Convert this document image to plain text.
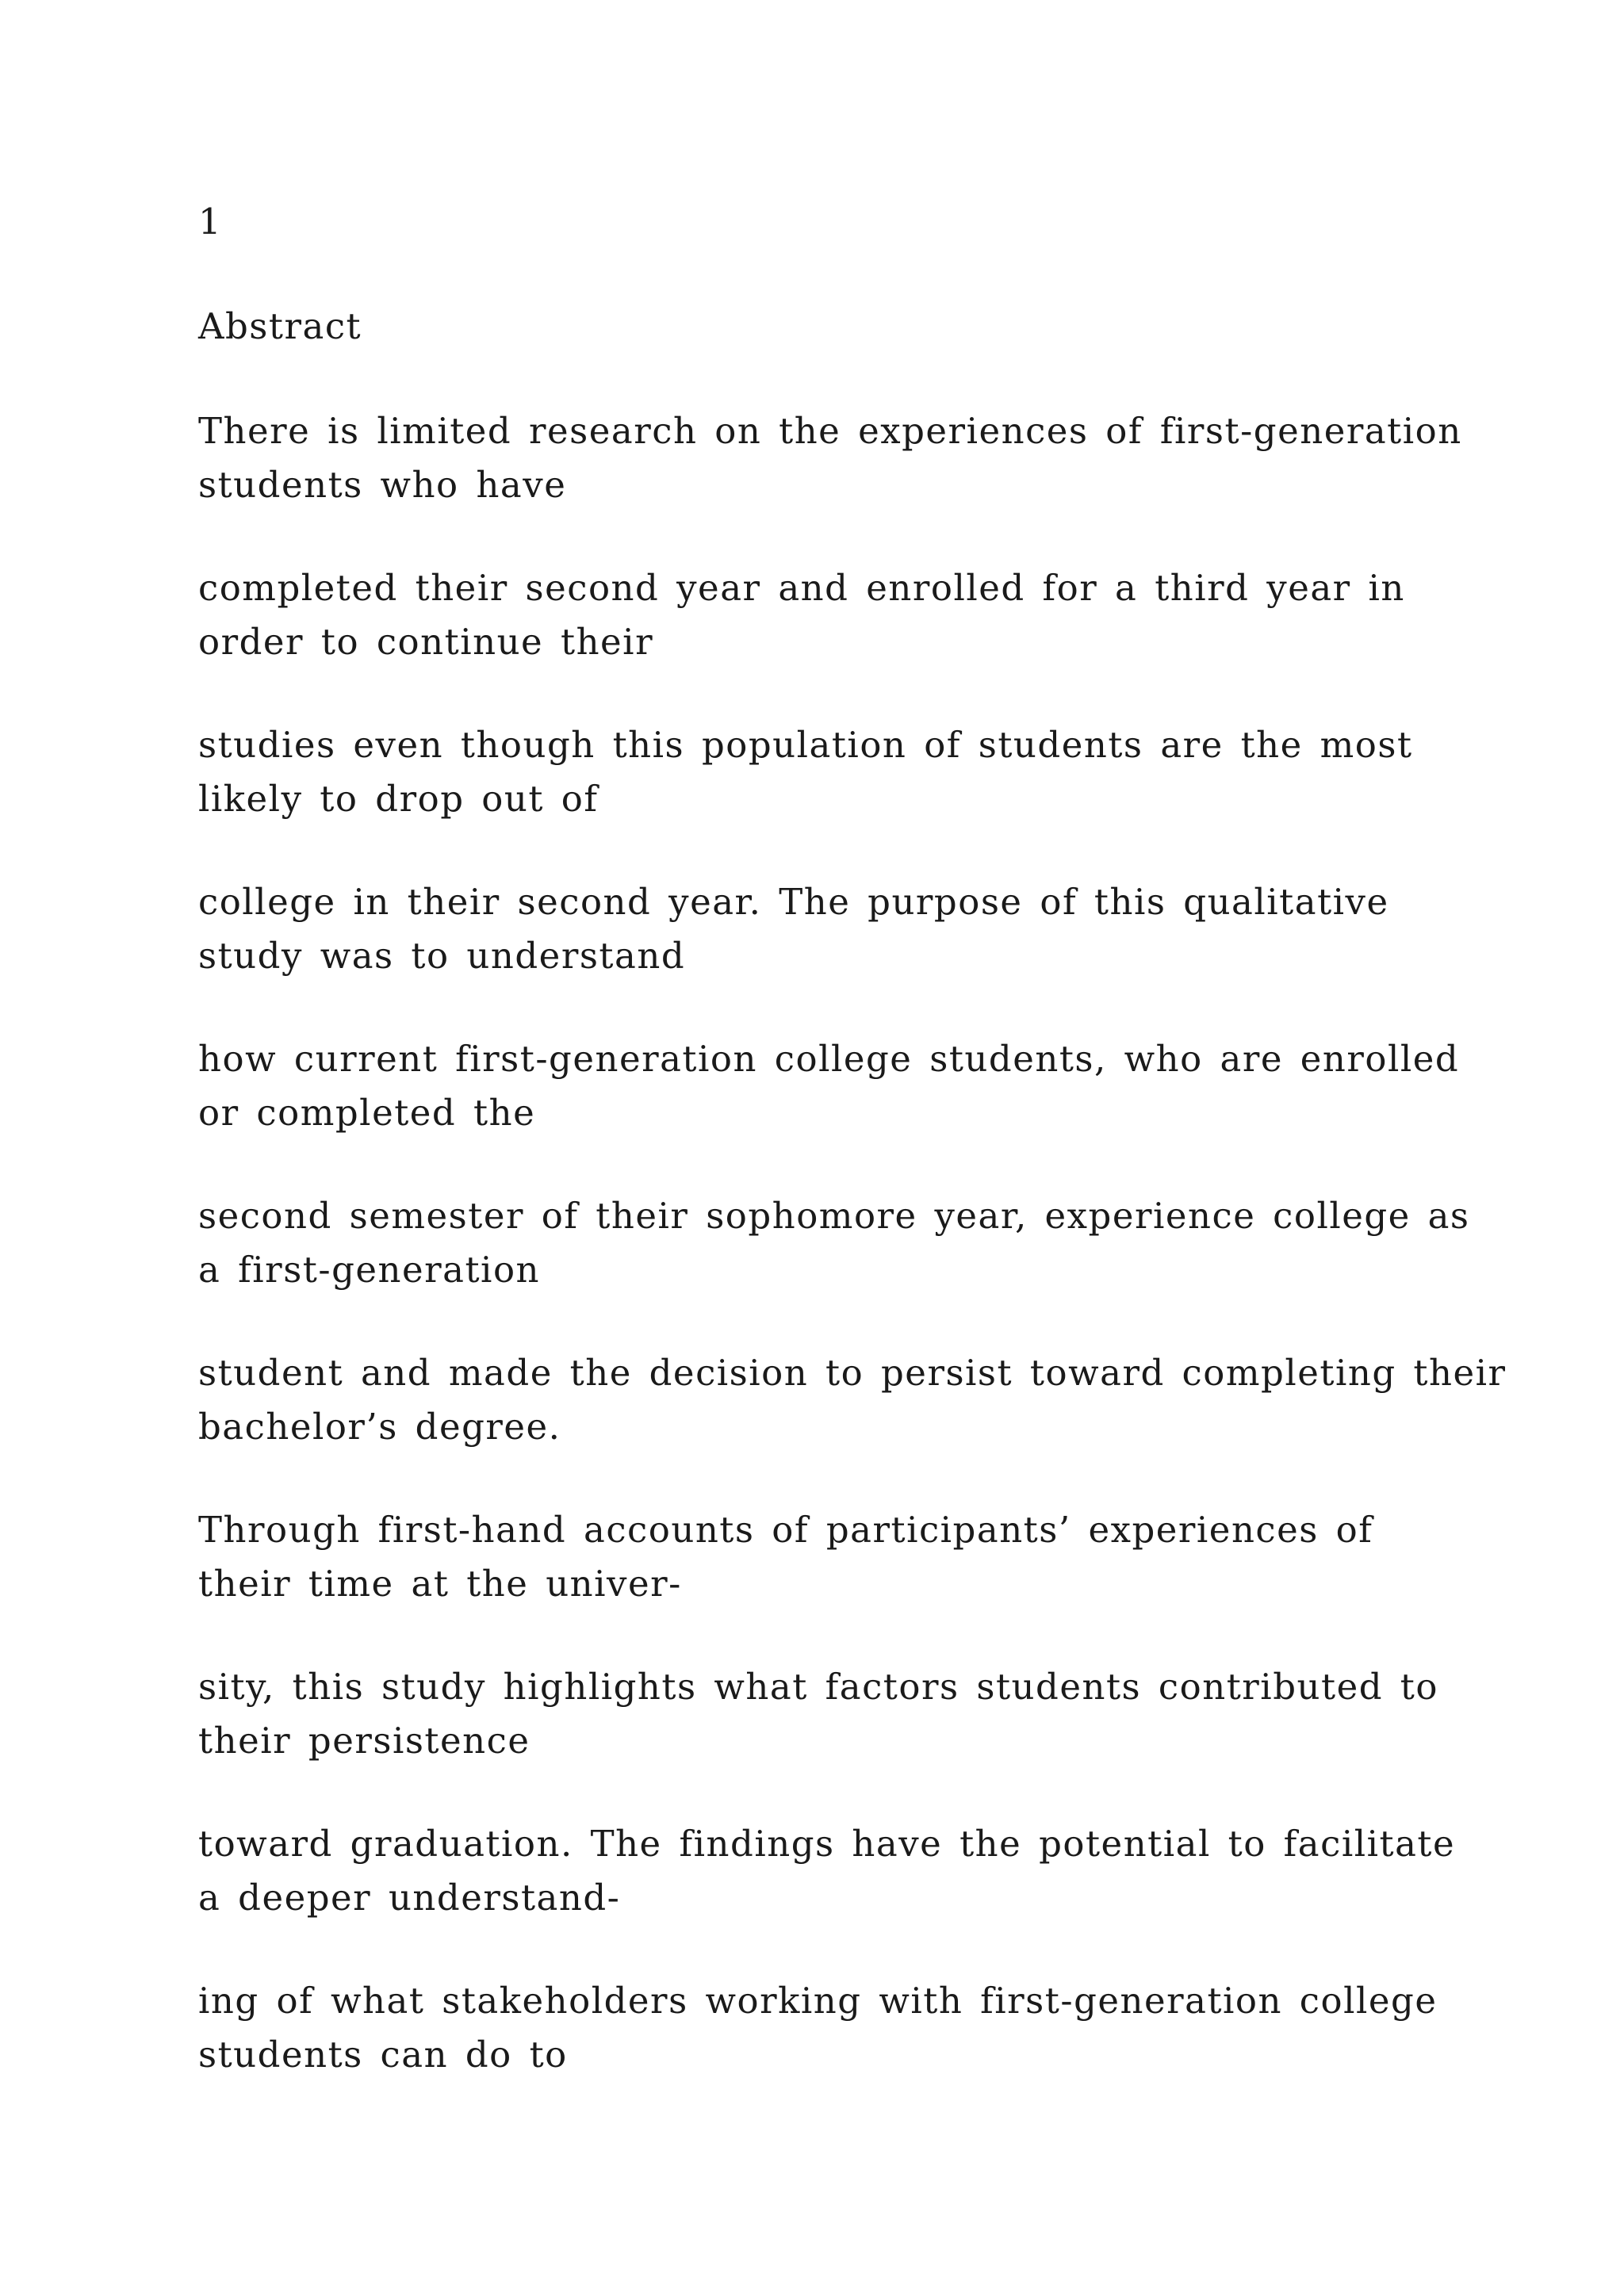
1
Abstract

There is limited research on the experiences of first-generation
students who have

completed their second year and enrolled for a third year in
order to continue their

studies even though this population of students are the most
likely to drop out of

college in their second year. The purpose of this qualitative
study was to understand

how current first-generation college students, who are enrolled
or completed the

second semester of their sophomore year, experience college as
a first-generation

student and made the decision to persist toward completing their
bachelor’s degree.

Through first-hand accounts of participants’ experiences of
their time at the univer-

sity, this study highlights what factors students contributed to
their persistence

toward graduation. The findings have the potential to facilitate
a deeper understand-

ing of what stakeholders working with first-generation college
students can do to
